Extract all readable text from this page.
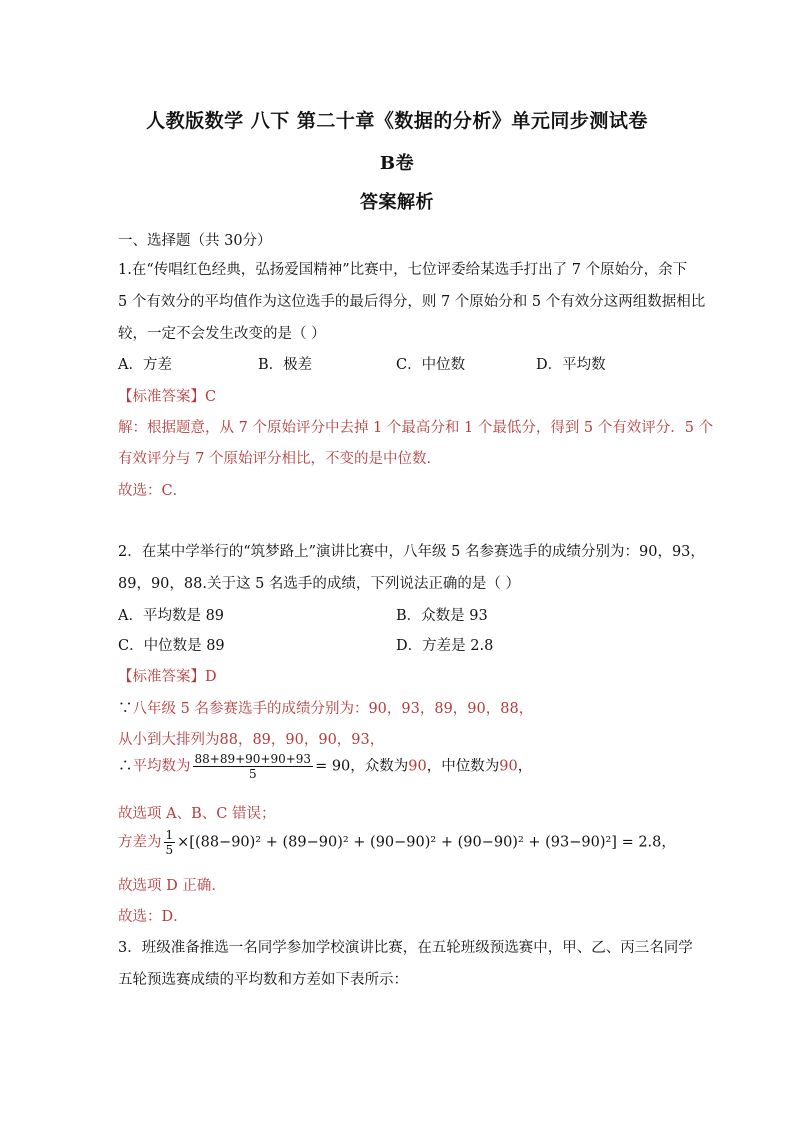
人教版数学 八下 第二十章《数据的分析》单元同步测试卷
B卷
答案解析
一、选择题（共 30分）
1.在“传唱红色经典，弘扬爱国精神”比赛中，七位评委给某选手打出了 7 个原始分，余下
5 个有效分的平均值作为这位选手的最后得分，则 7 个原始分和 5 个有效分这两组数据相比
较，一定不会发生改变的是（ ）
A．方差	B．极差	C．中位数	D．平均数
【标准答案】C
解：根据题意，从 7 个原始评分中去掉 1 个最高分和 1 个最低分，得到 5 个有效评分．5 个
有效评分与 7 个原始评分相比，不变的是中位数．
故选：C．
2．在某中学举行的“筑梦路上”演讲比赛中，八年级 5 名参赛选手的成绩分别为：90，93，
89，90，88.关于这 5 名选手的成绩，下列说法正确的是（ ）
A．平均数是 89	B．众数是 93
C．中位数是 89	D．方差是 2.8
【标准答案】D
∵八年级 5 名参赛选手的成绩分别为：90，93，89，90，88，
从小到大排列为88，89，90，90，93，
∴平均数为 $\frac{88+89+90+90+93}{5} = 90$，众数为90，中位数为90，
故选项 A、B、C 错误；
方差为 $\frac{1}{5} \times[(88-90)^2 + (89-90)^2 + (90-90)^2 + (90-90)^2 + (93-90)^2] = 2.8$，
故选项 D 正确．
故选：D．
3．班级准备推选一名同学参加学校演讲比赛，在五轮班级预选赛中，甲、乙、丙三名同学
五轮预选赛成绩的平均数和方差如下表所示：
